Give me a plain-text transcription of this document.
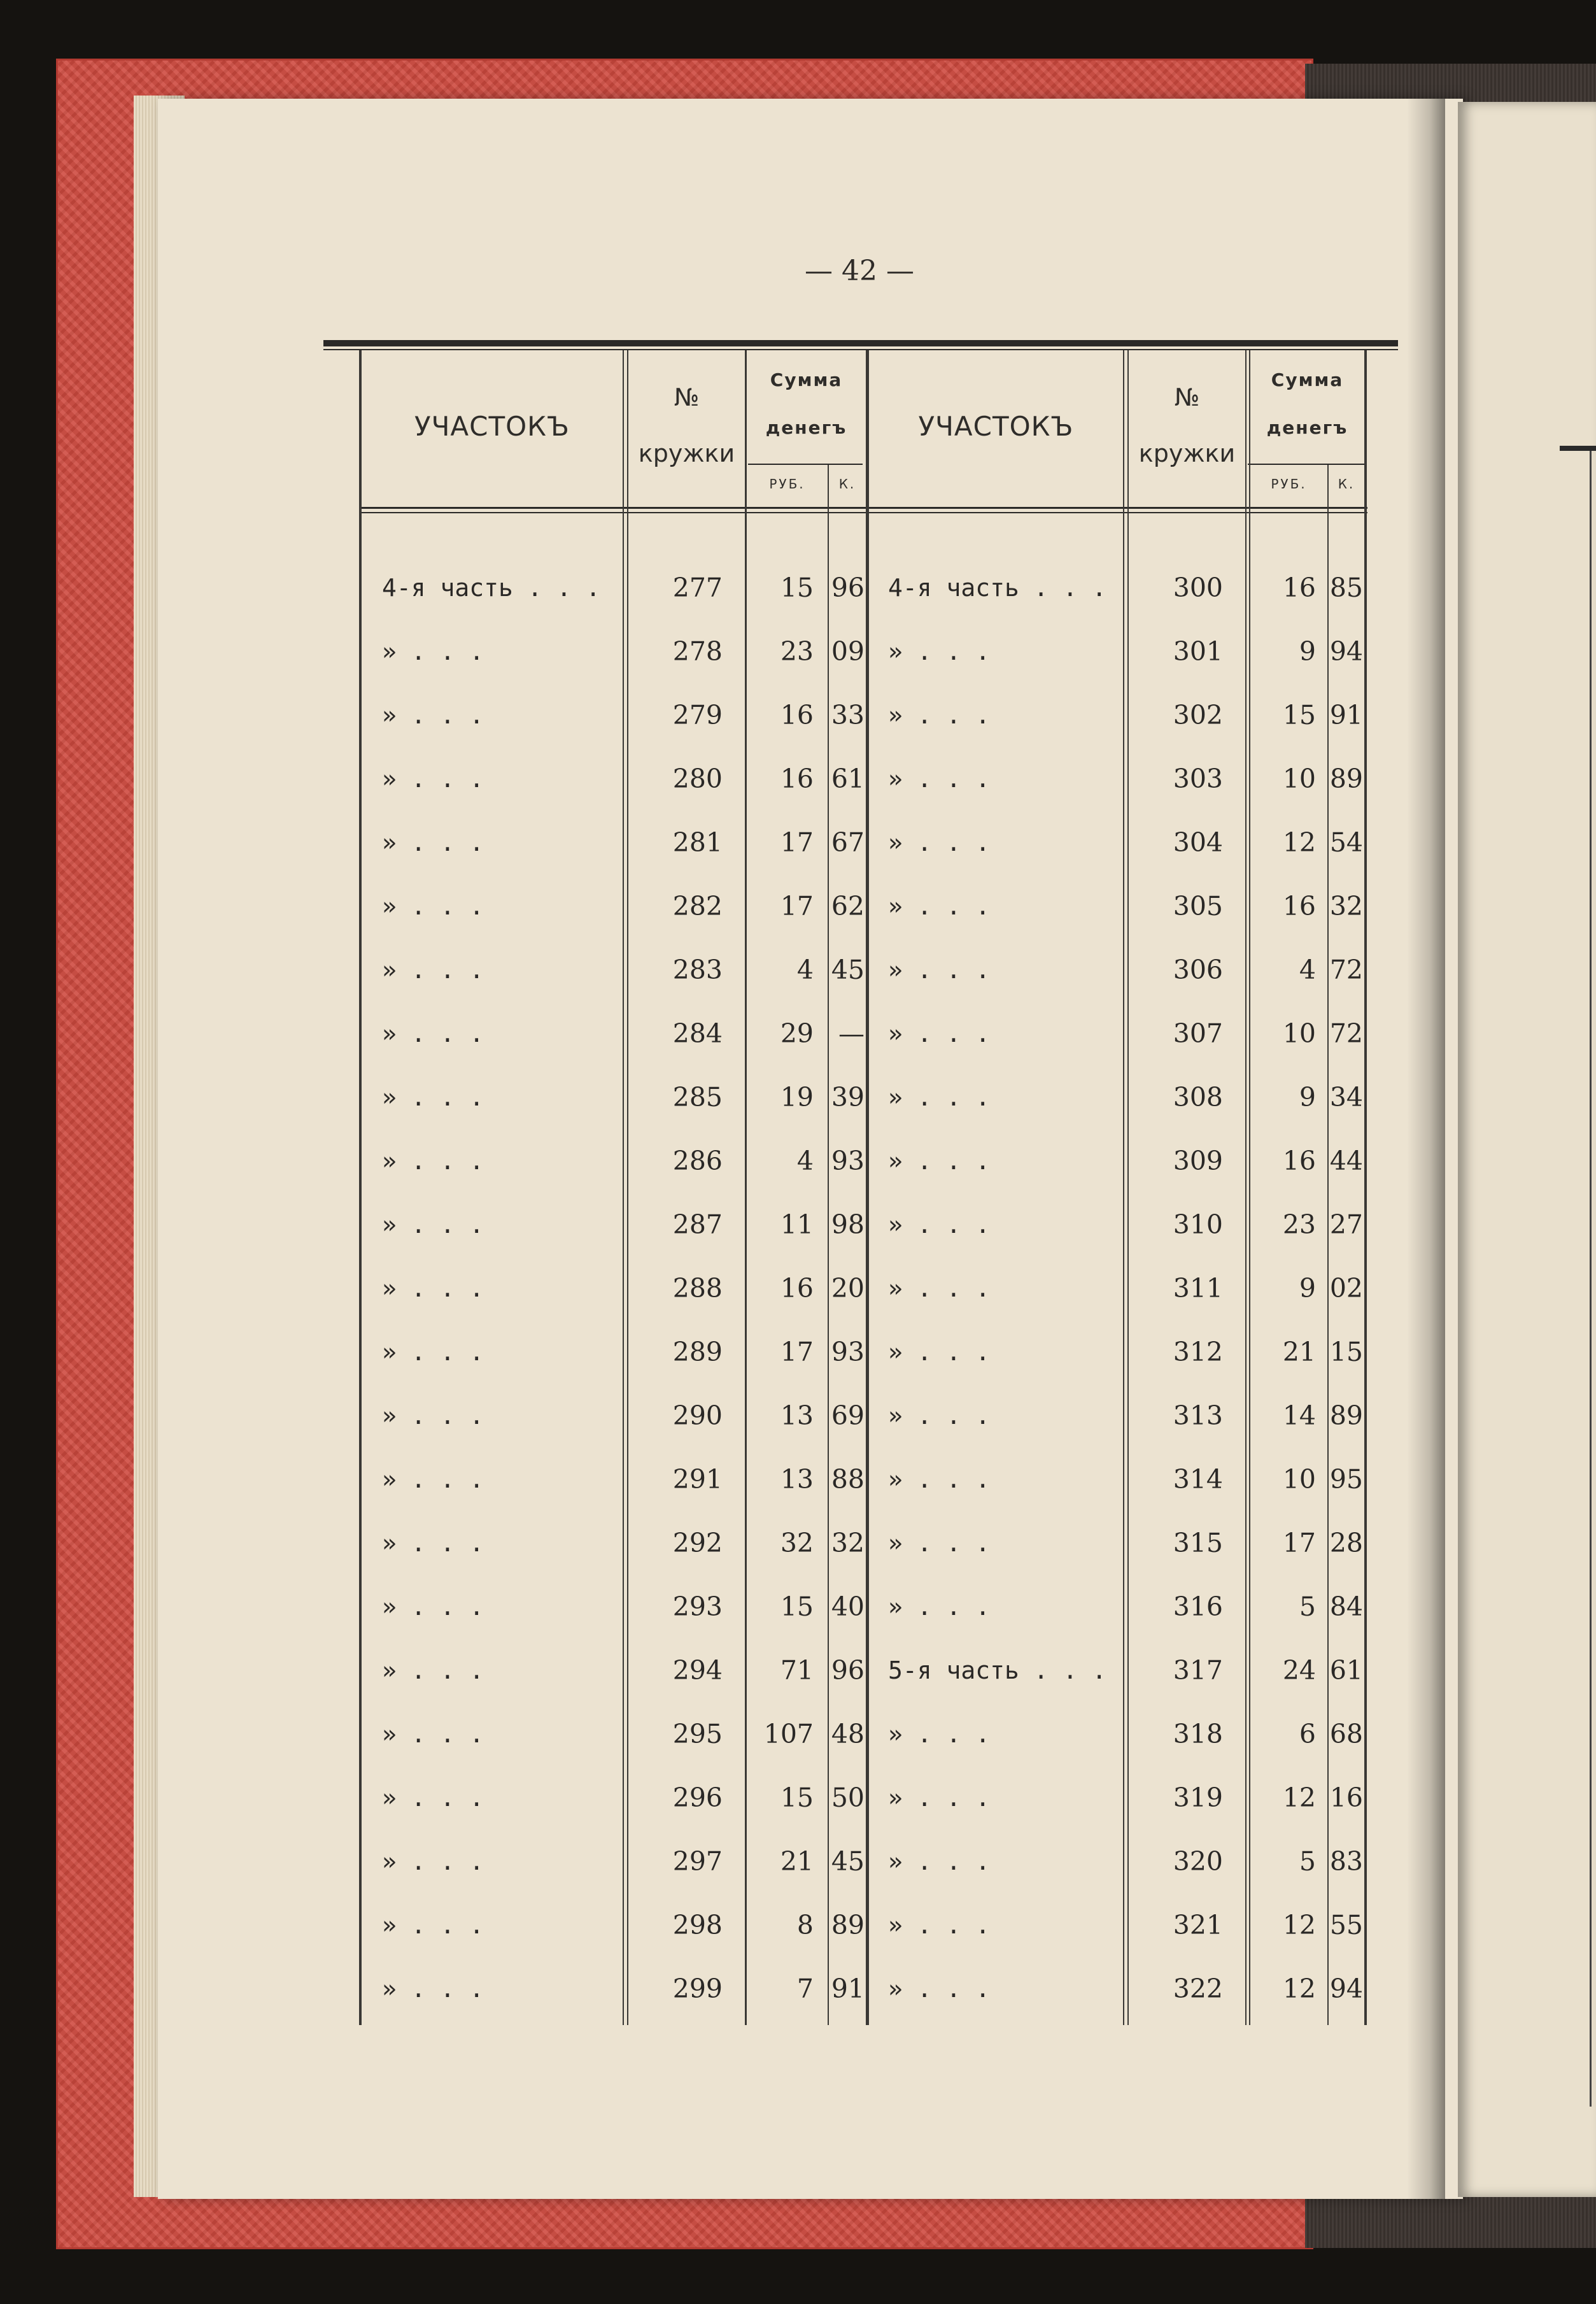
— 42 —
УЧАСТОКЪ
№
кружки
Сумма
денегъ
РУБ.	К.
УЧАСТОКЪ
№
кружки
Сумма
денегъ
РУБ.	К.
4-я часть . . .	277	15 96 4-я часть . . .	300	16 85
» . . .	278	23 09 » . . .	301	9 94
» . . .	279	16 33 » . . .	302	15 91
» . . .	280	16 61 » . . .	303	10 89
» . . .	281	17 67 » . . .	304	12 54
» . . .	282	17 62 » . . .	305	16 32
» . . .	283	4 45 » . . .	306	4 72
» . . .	284	29 — » . . .	307	10 72
» . . .	285	19 39 » . . .	308	9 34
» . . .	286	4 93 » . . .	309	16 44
» . . .	287	11 98 » . . .	310	23 27
» . . .	288	16 20 » . . .	311	9 02
» . . .	289	17 93 » . . .	312	21 15
» . . .	290	13 69 » . . .	313	14 89
» . . .	291	13 88 » . . .	314	10 95
» . . .	292	32 32 » . . .	315	17 28
» . . .	293	15 40 » . . .	316	5 84
» . . .	294	71 96 5-я часть . . .	317	24 61
» . . .	295	107 48 » . . .	318	6 68
» . . .	296	15 50 » . . .	319	12 16
» . . .	297	21 45 » . . .	320	5 83
» . . .	298	8 89 » . . .	321	12 55
» . . .	299	7 91 » . . .	322	12 94
